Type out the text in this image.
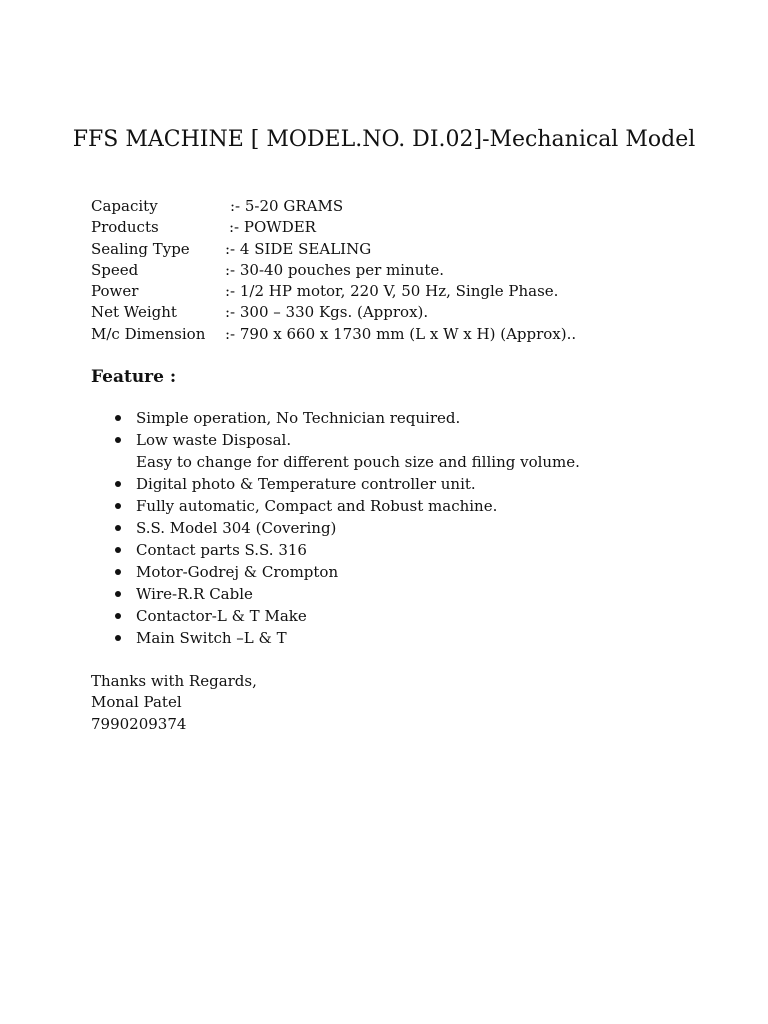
FFS MACHINE [ MODEL.NO. DI.02]-Mechanical Model
Capacity	:- 5-20 GRAMS
Products	:- POWDER
Sealing Type :- 4 SIDE SEALING
Speed	:- 30-40 pouches per minute.
Power	:- 1/2 HP motor, 220 V, 50 Hz, Single Phase.
Net Weight	:- 300 – 330 Kgs. (Approx).
M/c Dimension :- 790 x 660 x 1730 mm (L x W x H) (Approx)..
Feature :
Simple operation, No Technician required.
Low waste Disposal.
Easy to change for different pouch size and filling volume.
Digital photo & Temperature controller unit.
Fully automatic, Compact and Robust machine.
S.S. Model 304 (Covering)
Contact parts S.S. 316
Motor-Godrej & Crompton
Wire-R.R Cable
Contactor-L & T Make
Main Switch –L & T
Thanks with Regards,
Monal Patel
7990209374
